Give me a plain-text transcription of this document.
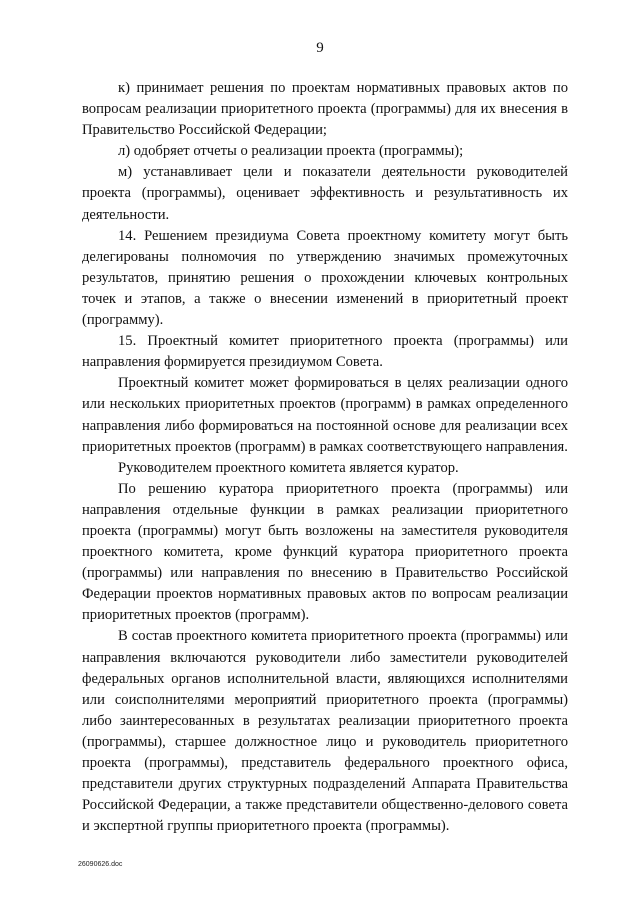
9

к) принимает решения по проектам нормативных правовых актов по вопросам реализации приоритетного проекта (программы) для их внесения в Правительство Российской Федерации;

л) одобряет отчеты о реализации проекта (программы);

м) устанавливает цели и показатели деятельности руководителей проекта (программы), оценивает эффективность и результативность их деятельности.

14. Решением президиума Совета проектному комитету могут быть делегированы полномочия по утверждению значимых промежуточных результатов, принятию решения о прохождении ключевых контрольных точек и этапов, а также о внесении изменений в приоритетный проект (программу).

15. Проектный комитет приоритетного проекта (программы) или направления формируется президиумом Совета.

Проектный комитет может формироваться в целях реализации одного или нескольких приоритетных проектов (программ) в рамках определенного направления либо формироваться на постоянной основе для реализации всех приоритетных проектов (программ) в рамках соответствующего направления.

Руководителем проектного комитета является куратор.

По решению куратора приоритетного проекта (программы) или направления отдельные функции в рамках реализации приоритетного проекта (программы) могут быть возложены на заместителя руководителя проектного комитета, кроме функций куратора приоритетного проекта (программы) или направления по внесению в Правительство Российской Федерации проектов нормативных правовых актов по вопросам реализации приоритетных проектов (программ).

В состав проектного комитета приоритетного проекта (программы) или направления включаются руководители либо заместители руководителей федеральных органов исполнительной власти, являющихся исполнителями или соисполнителями мероприятий приоритетного проекта (программы) либо заинтересованных в результатах реализации приоритетного проекта (программы), старшее должностное лицо и руководитель приоритетного проекта (программы), представитель федерального проектного офиса, представители других структурных подразделений Аппарата Правительства Российской Федерации, а также представители общественно-делового совета и экспертной группы приоритетного проекта (программы).

26090626.doc
